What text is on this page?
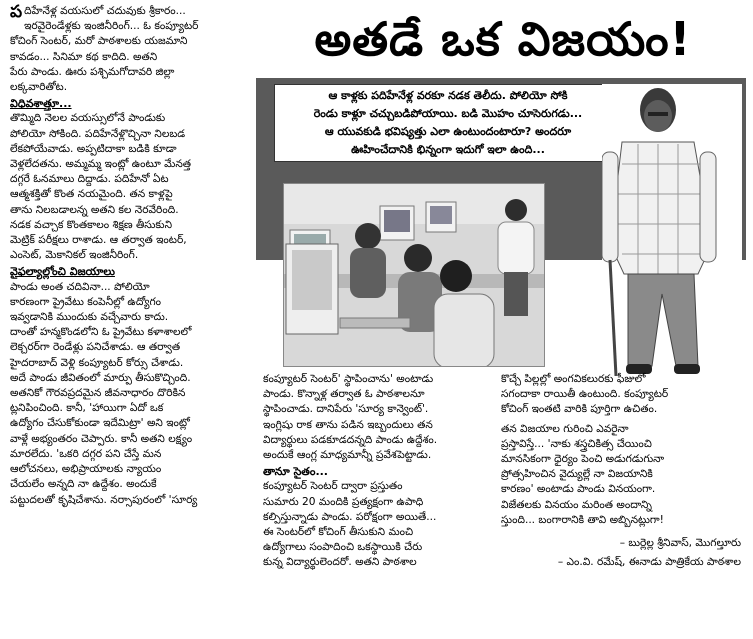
అతడే ఒక విజయం!
ఆ కాళ్లకు పదిహేనేళ్ల వరకూ నడక తెలీదు. పోలియో సోకి
రెండు కాళ్లూ చచ్చుబడిపోయాయి. బడి మొహం చూసెరుగడు...
ఆ యువకుడి భవిష్యత్తు ఎలా ఉంటుందంటారూ? అందరూ
ఊహించేదానికి భిన్నంగా ఇదుగో ఇలా ఉంది...
ప దిహేనేళ్ల వయసులో చదువుకు శ్రీకారం...

ఇరవైరెండేళ్లకు ఇంజినీరింగ్... ఓ కంప్యూటర్

కోచింగ్ సెంటర్, మరో పాఠశాలకు యజమాని

కావడం... సినిమా కథ కాదిది. అతని

పేరు పాండు. ఊరు పశ్చిమగోదావరి జిల్లా

లక్కవారితోట.

విధివశాత్తూ...

తొమ్మిది నెలల వయస్సులోనే పాండుకు

పోలియో సోకింది. పదిహేనేళ్లొచ్చినా నిలబడ

లేకపోయేవాడు. అప్పటిదాకా బడికి కూడా

వెళ్లలేదతను. అమ్మమ్మ ఇంట్లో ఉంటూ మేనత్త

దగ్గరే ఓనమాలు దిద్దాడు. పదిహేనో ఏట

ఆత్మశక్తితో కొంత నయమైంది. తన కాళ్లపై

తాను నిలబడాలన్న అతని కల నెరవేరింది.

నడక వచ్చాక కొంతకాలం శిక్షణ తీసుకుని

మెట్రిక్ పరీక్షలు రాశాడు. ఆ తర్వాత ఇంటర్,

ఎంసెట్, మెకానికల్ ఇంజినీరింగ్.

వైఫల్యాల్లోంచి విజయాలు

పాండు అంత చదివినా... పోలియో

కారణంగా ప్రైవేటు కంపెనీల్లో ఉద్యోగం

ఇవ్వడానికి ముందుకు వచ్చేవారు కాదు.

దాంతో హన్మకొండలోని ఓ ప్రైవేటు కళాశాలలో

లెక్చరర్‌గా రెండేళ్లు పనిచేశాడు. ఆ తర్వాత

హైదరాబాద్ వెళ్లి కంప్యూటర్ కోర్సు చేశాడు.

అదే పాండు జీవితంలో మార్పు తీసుకొచ్చింది.

అతనికో గౌరవప్రదమైన జీవనాధారం దొరికిన

ట్లనిపించింది. కానీ, 'హాయిగా ఏదో ఒక

ఉద్యోగం చేసుకోకుండా ఇదేమిట్రా' అని ఇంట్లో

వాళ్లే అభ్యంతరం చెప్పారు. కానీ అతని లక్ష్యం

మారలేదు. 'ఒకరి దగ్గర పని చేస్తే మన

ఆలోచనలు, అభిప్రాయాలకు న్యాయం

చేయలేం అన్నది నా ఉద్దేశం. అందుకే

పట్టుదలతో కృషిచేశాను. నర్సాపురంలో 'సూర్య

కంప్యూటర్ సెంటర్' స్థాపించాను' అంటాడు

పాండు. కొన్నాళ్ల తర్వాత ఓ పాఠశాలనూ

స్థాపించాడు. దానిపేరు 'సూర్య కాన్వెంట్'.

ఇంగ్లిషు రాక తాను పడిన ఇబ్బందులు తన

విద్యార్థులు పడకూడదన్నది పాండు ఉద్దేశం.

అందుకే ఆంగ్ల మాధ్యమాన్నీ ప్రవేశపెట్టాడు.

తానూ సైతం...

కంప్యూటర్ సెంటర్ ద్వారా ప్రస్తుతం

సుమారు 20 మందికి ప్రత్యక్షంగా ఉపాధి

కల్పిస్తున్నాడు పాండు. పరోక్షంగా అయితే...

ఈ సెంటర్‌లో కోచింగ్ తీసుకుని మంచి

ఉద్యోగాలు సంపాదించి ఒకస్థాయికి చేరు

కున్న విద్యార్థులెందరో. అతని పాఠశాల

కొచ్చే పిల్లల్లో అంగవికలురకు ఫీజులో

సగందాకా రాయితీ ఉంటుంది. కంప్యూటర్

కోచింగ్ ఇంతటి వారికి పూర్తిగా ఉచితం.

తన విజయాల గురించి ఎవరైనా

ప్రస్తావిస్తే... 'నాకు శస్త్రచికిత్స చేయించి

మానసికంగా ధైర్యం పెంచి అడుగడుగునా

ప్రోత్సహించిన వైద్యుల్లే నా విజయానికి

కారణం' అంటాడు పాండు వినయంగా.

విజేతలకు వినయం మరింత అందాన్ని

స్తుంది... బంగారానికి తావి అబ్బినట్లుగా!

– బుర్లెల్ల శ్రీనివాస్, మొగల్తూరు

– ఎం.వి. రమేష్, ఈనాడు పాత్రికేయ పాఠశాల
